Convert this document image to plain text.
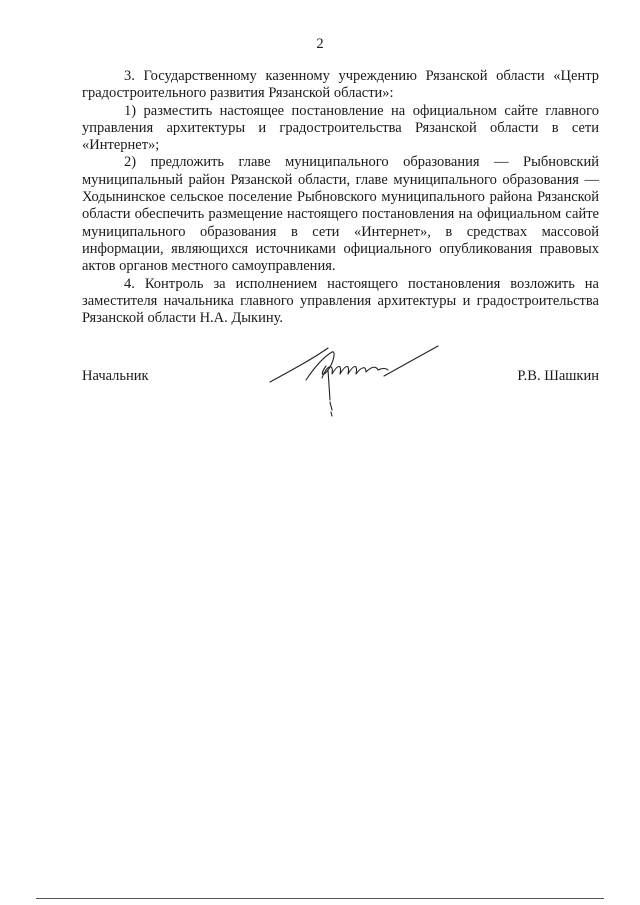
2

3. Государственному казенному учреждению Рязанской области «Центр градостроительного развития Рязанской области»:

1) разместить настоящее постановление на официальном сайте главного управления архитектуры и градостроительства Рязанской области в сети «Интернет»;

2) предложить главе муниципального образования — Рыбновский муниципальный район Рязанской области, главе муниципального образования — Ходынинское сельское поселение Рыбновского муниципального района Рязанской области обеспечить размещение настоящего постановления на официальном сайте муниципального образования в сети «Интернет», в средствах массовой информации, являющихся источниками официального опубликования правовых актов органов местного самоуправления.

4. Контроль за исполнением настоящего постановления возложить на заместителя начальника главного управления архитектуры и градостроительства Рязанской области Н.А. Дыкину.

Начальник	Р.В. Шашкин
